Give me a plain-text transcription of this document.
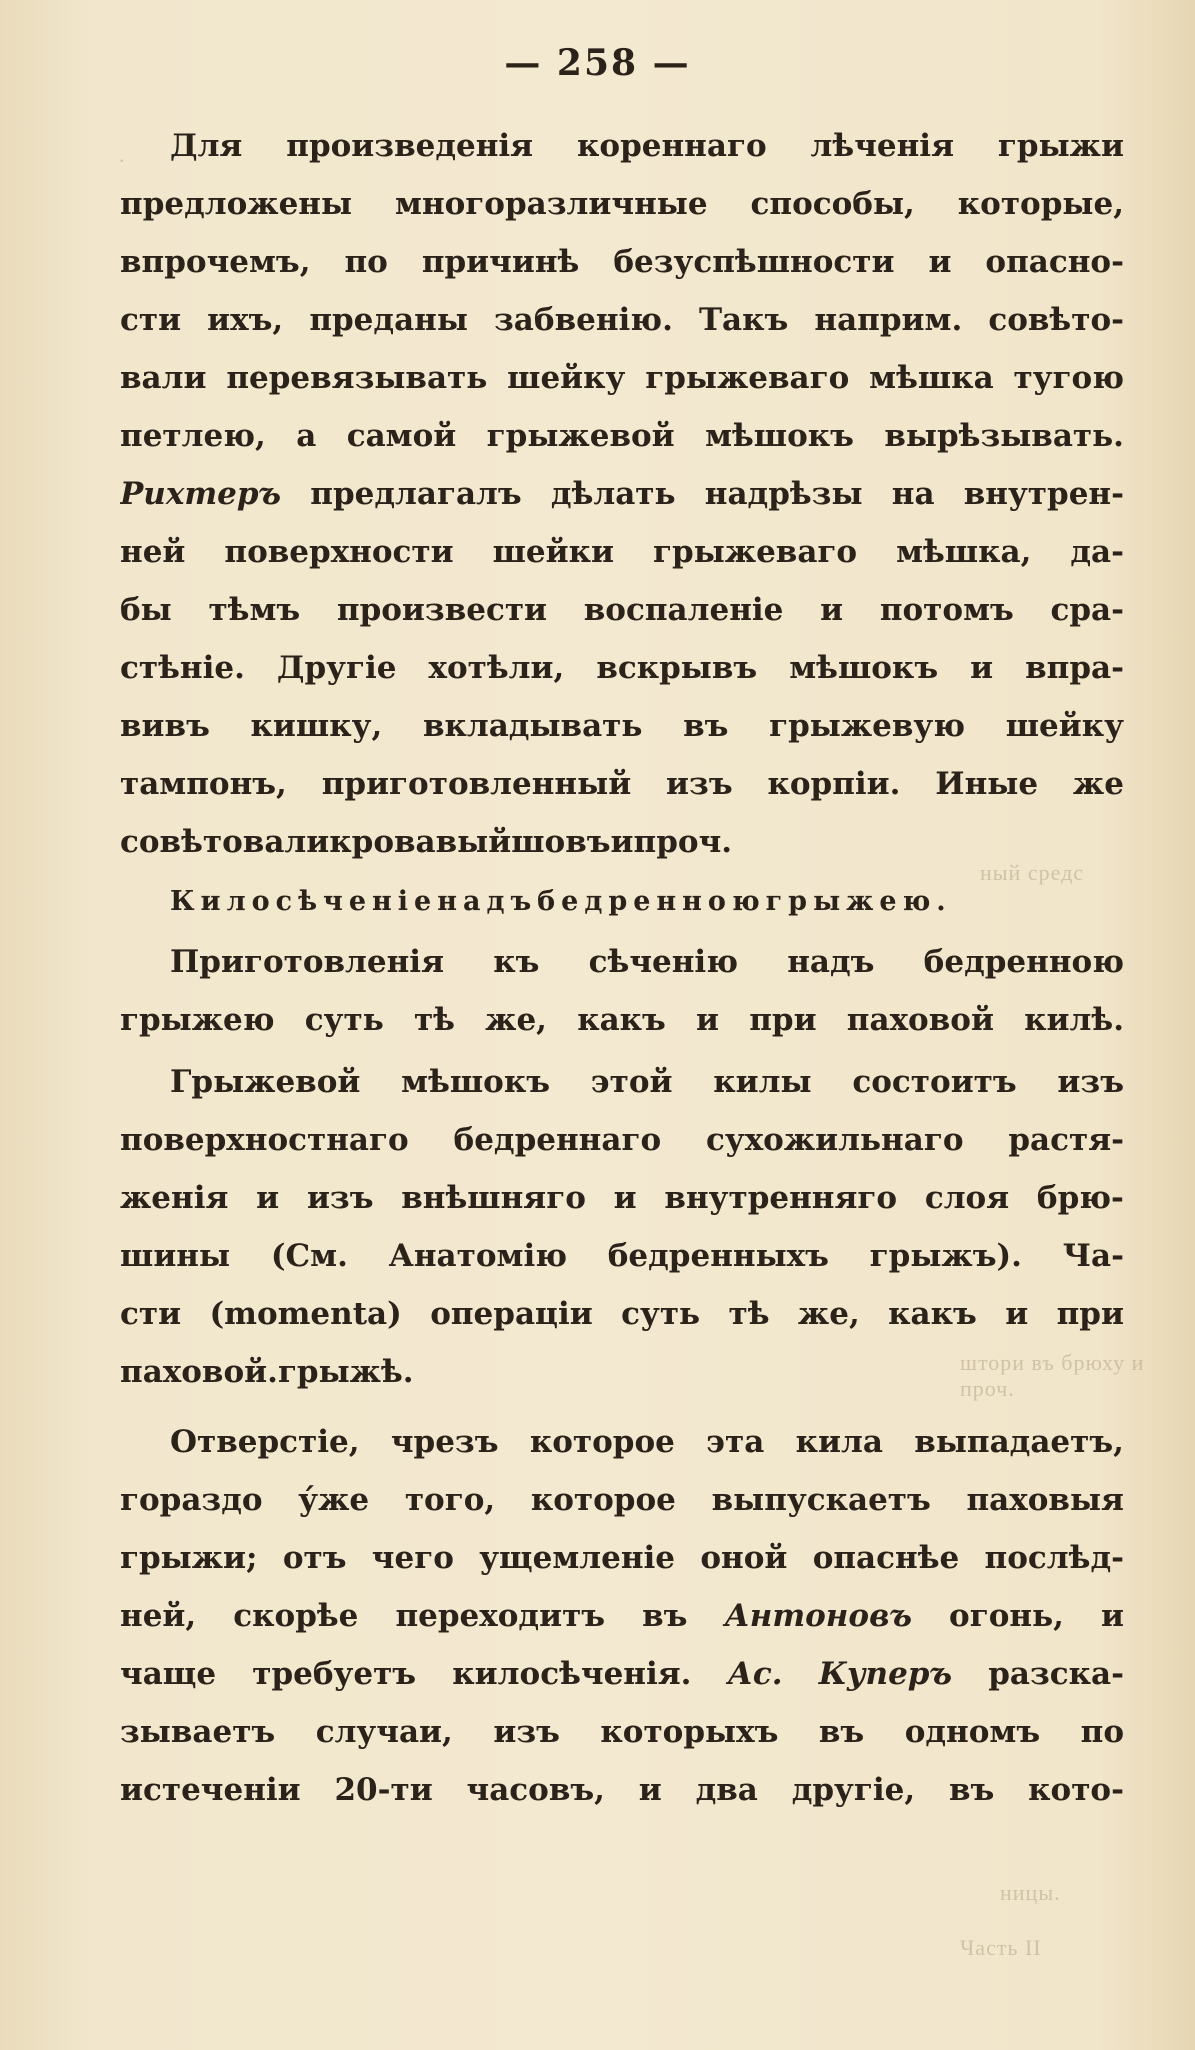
·
ный средс
штори въ брюху и проч.
ницы.
Часть II
— 258 —
Для произведенія кореннаго лѣченія грыжи
предложены многоразличные способы, которые,
впрочемъ, по причинѣ безуспѣшности и опасно-
сти ихъ, преданы забвенію. Такъ наприм. совѣто-
вали перевязывать шейку грыжеваго мѣшка тугою
петлею, а самой грыжевой мѣшокъ вырѣзывать.
Рихтеръ предлагалъ дѣлать надрѣзы на внутрен-
ней поверхности шейки грыжеваго мѣшка, да-
бы тѣмъ произвести воспаленіе и потомъ сра-
стѣніе. Другіе хотѣли, вскрывъ мѣшокъ и впра-
вивъ кишку, вкладывать въ грыжевую шейку
тампонъ, приготовленный изъ корпіи. Иные же
совѣтовали кровавый шовъ и проч.
Килосѣченіе надъ бедренною грыжею.
Приготовленія къ сѣченію надъ бедренною
грыжею суть тѣ же, какъ и при паховой килѣ.
Грыжевой мѣшокъ этой килы состоитъ изъ
поверхностнаго бедреннаго сухожильнаго растя-
женія и изъ внѣшняго и внутренняго слоя брю-
шины (См. Анатомію бедренныхъ грыжъ). Ча-
сти (momenta) операціи суть тѣ же, какъ и при
паховой. грыжѣ.
Отверстіе, чрезъ которое эта кила выпадаетъ,
гораздо у́же того, которое выпускаетъ паховыя
грыжи; отъ чего ущемленіе оной опаснѣе послѣд-
ней, скорѣе переходитъ въ Антоновъ огонь, и
чаще требуетъ килосѣченія. Ас. Куперъ разска-
зываетъ случаи, изъ которыхъ въ одномъ по
истеченіи 20-ти часовъ, и два другіе, въ кото-
